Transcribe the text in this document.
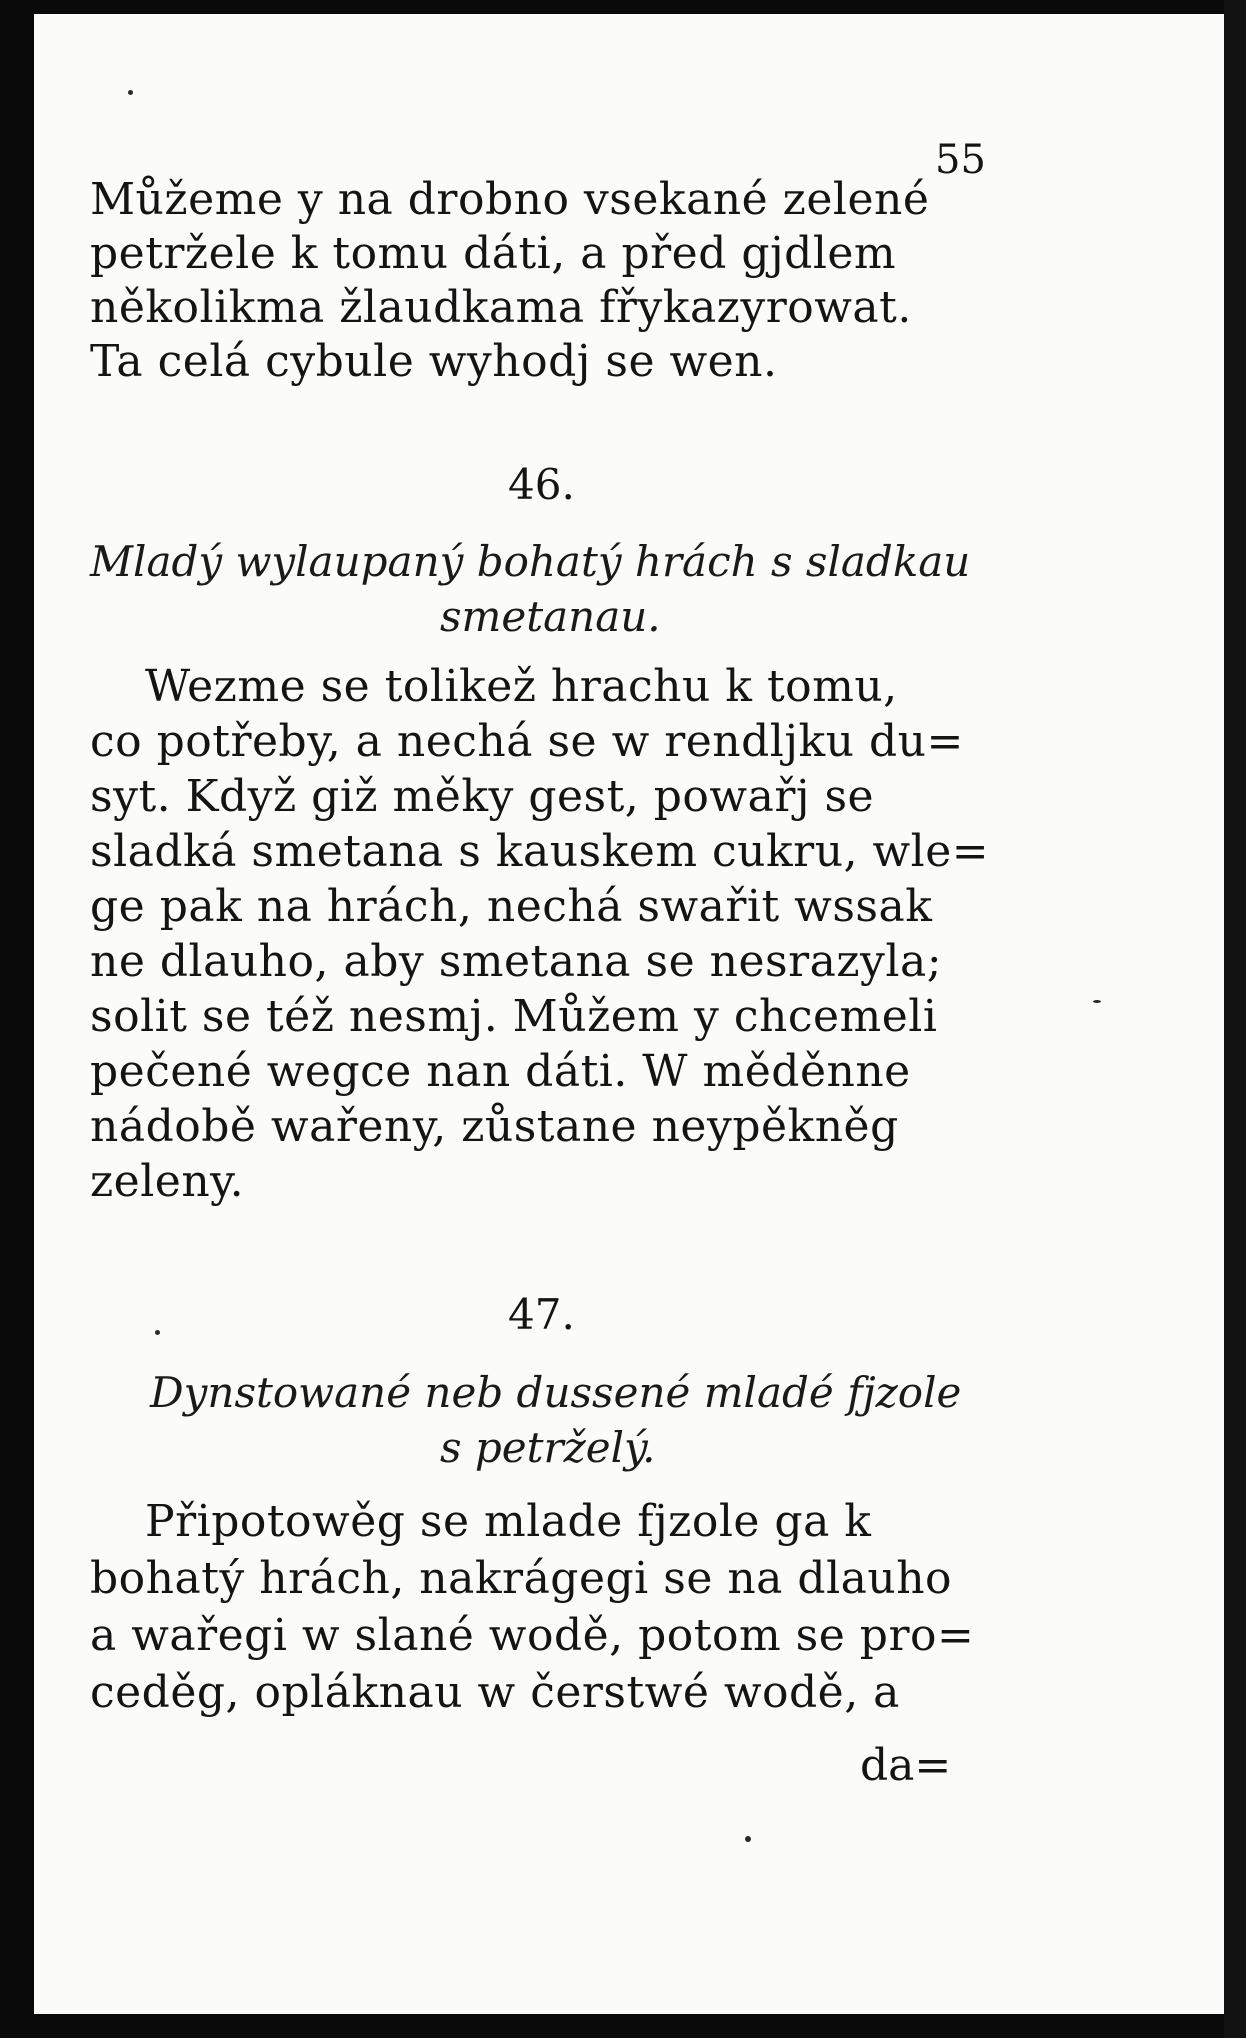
55
Můžeme y na drobno vsekané zelené
petržele k tomu dáti, a před gjdlem
několikma žlaudkama fřykazyrowat.
Ta celá cybule wyhodj se wen.
46.
Mladý wylaupaný bohatý hrách s sladkau
smetanau.
Wezme se tolikež hrachu k tomu,
co potřeby, a nechá se w rendljku du=
syt. Když giž měky gest, powařj se
sladká smetana s kauskem cukru, wle=
ge pak na hrách, nechá swařit wssak
ne dlauho, aby smetana se nesrazyla;
solit se též nesmj. Můžem y chcemeli
pečené wegce nan dáti. W měděnne
nádobě wařeny, zůstane neypěkněg
zeleny.
47.
Dynstowané neb dussené mladé fjzole
s petrželý.
Připotowěg se mlade fjzole ga k
bohatý hrách, nakrágegi se na dlauho
a wařegi w slané wodě, potom se pro=
ceděg, opláknau w čerstwé wodě, a
da=
